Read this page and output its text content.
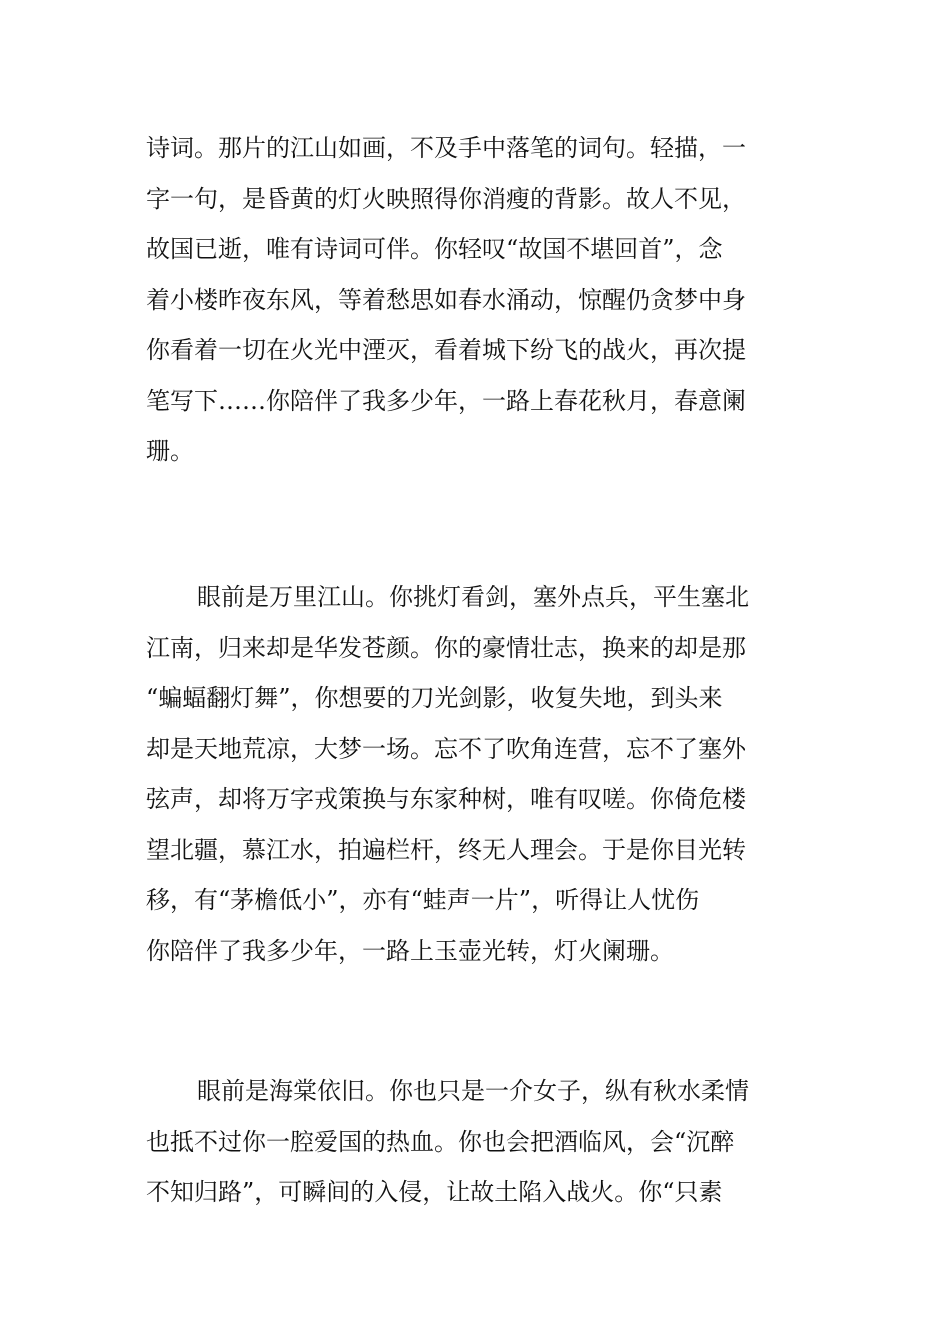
诗词。那片的江山如画，不及手中落笔的词句。轻描，一
字一句，是昏黄的灯火映照得你消瘦的背影。故人不见，
故国已逝，唯有诗词可伴。你轻叹“故国不堪回首”，念
着小楼昨夜东风，等着愁思如春水涌动，惊醒仍贪梦中身
你看着一切在火光中湮灭，看着城下纷飞的战火，再次提
笔写下……你陪伴了我多少年，一路上春花秋月，春意阑
珊。
眼前是万里江山。你挑灯看剑，塞外点兵，平生塞北
江南，归来却是华发苍颜。你的豪情壮志，换来的却是那
“蝙蝠翻灯舞”，你想要的刀光剑影，收复失地，到头来
却是天地荒凉，大梦一场。忘不了吹角连营，忘不了塞外
弦声，却将万字戎策换与东家种树，唯有叹嗟。你倚危楼
望北疆，慕江水，拍遍栏杆，终无人理会。于是你目光转
移，有“茅檐低小”，亦有“蛙声一片”，听得让人忧伤
你陪伴了我多少年，一路上玉壶光转，灯火阑珊。
眼前是海棠依旧。你也只是一介女子，纵有秋水柔情
也抵不过你一腔爱国的热血。你也会把酒临风，会“沉醉
不知归路”，可瞬间的入侵，让故土陷入战火。你“只素
